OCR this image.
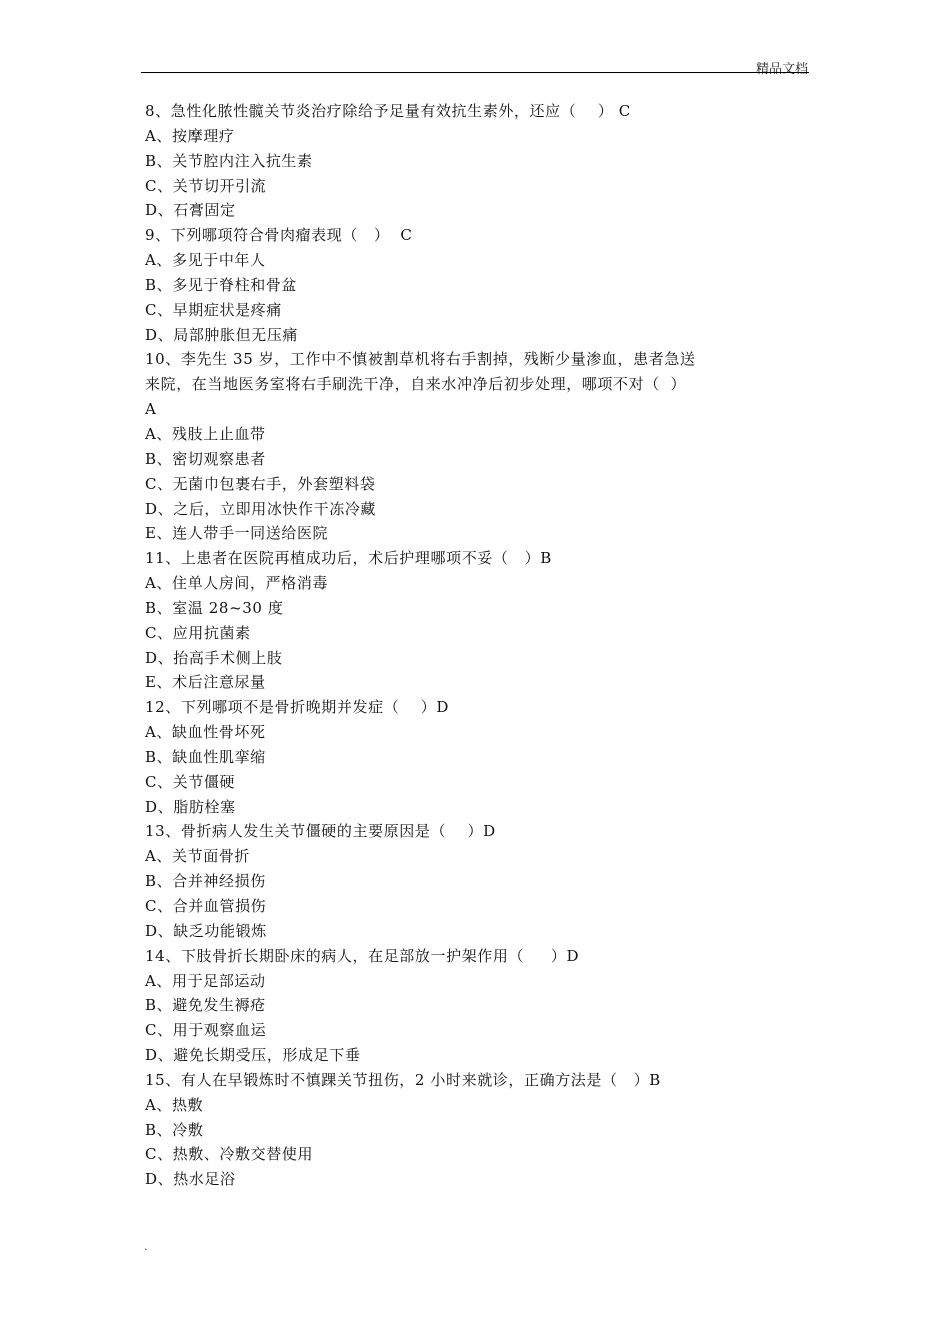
精品文档
8、急性化脓性髋关节炎治疗除给予足量有效抗生素外，还应（    ） C
A、按摩理疗
B、关节腔内注入抗生素
C、关节切开引流
D、石膏固定
9、下列哪项符合骨肉瘤表现（   ）  C
A、多见于中年人
B、多见于脊柱和骨盆
C、早期症状是疼痛
D、局部肿胀但无压痛
10、李先生 35 岁，工作中不慎被割草机将右手割掉，残断少量渗血，患者急送
来院，在当地医务室将右手刷洗干净，自来水冲净后初步处理，哪项不对（  ）
A
A、残肢上止血带
B、密切观察患者
C、无菌巾包裹右手，外套塑料袋
D、之后，立即用冰快作干冻冷藏
E、连人带手一同送给医院
11、上患者在医院再植成功后，术后护理哪项不妥（   ）B
A、住单人房间，严格消毒
B、室温 28~30 度
C、应用抗菌素
D、抬高手术侧上肢
E、术后注意尿量
12、下列哪项不是骨折晚期并发症（    ）D
A、缺血性骨坏死
B、缺血性肌挛缩
C、关节僵硬
D、脂肪栓塞
13、骨折病人发生关节僵硬的主要原因是（    ）D
A、关节面骨折
B、合并神经损伤
C、合并血管损伤
D、缺乏功能锻炼
14、下肢骨折长期卧床的病人，在足部放一护架作用（     ）D
A、用于足部运动
B、避免发生褥疮
C、用于观察血运
D、避免长期受压，形成足下垂
15、有人在早锻炼时不慎踝关节扭伤，2 小时来就诊，正确方法是（   ）B
A、热敷
B、冷敷
C、热敷、冷敷交替使用
D、热水足浴
.
